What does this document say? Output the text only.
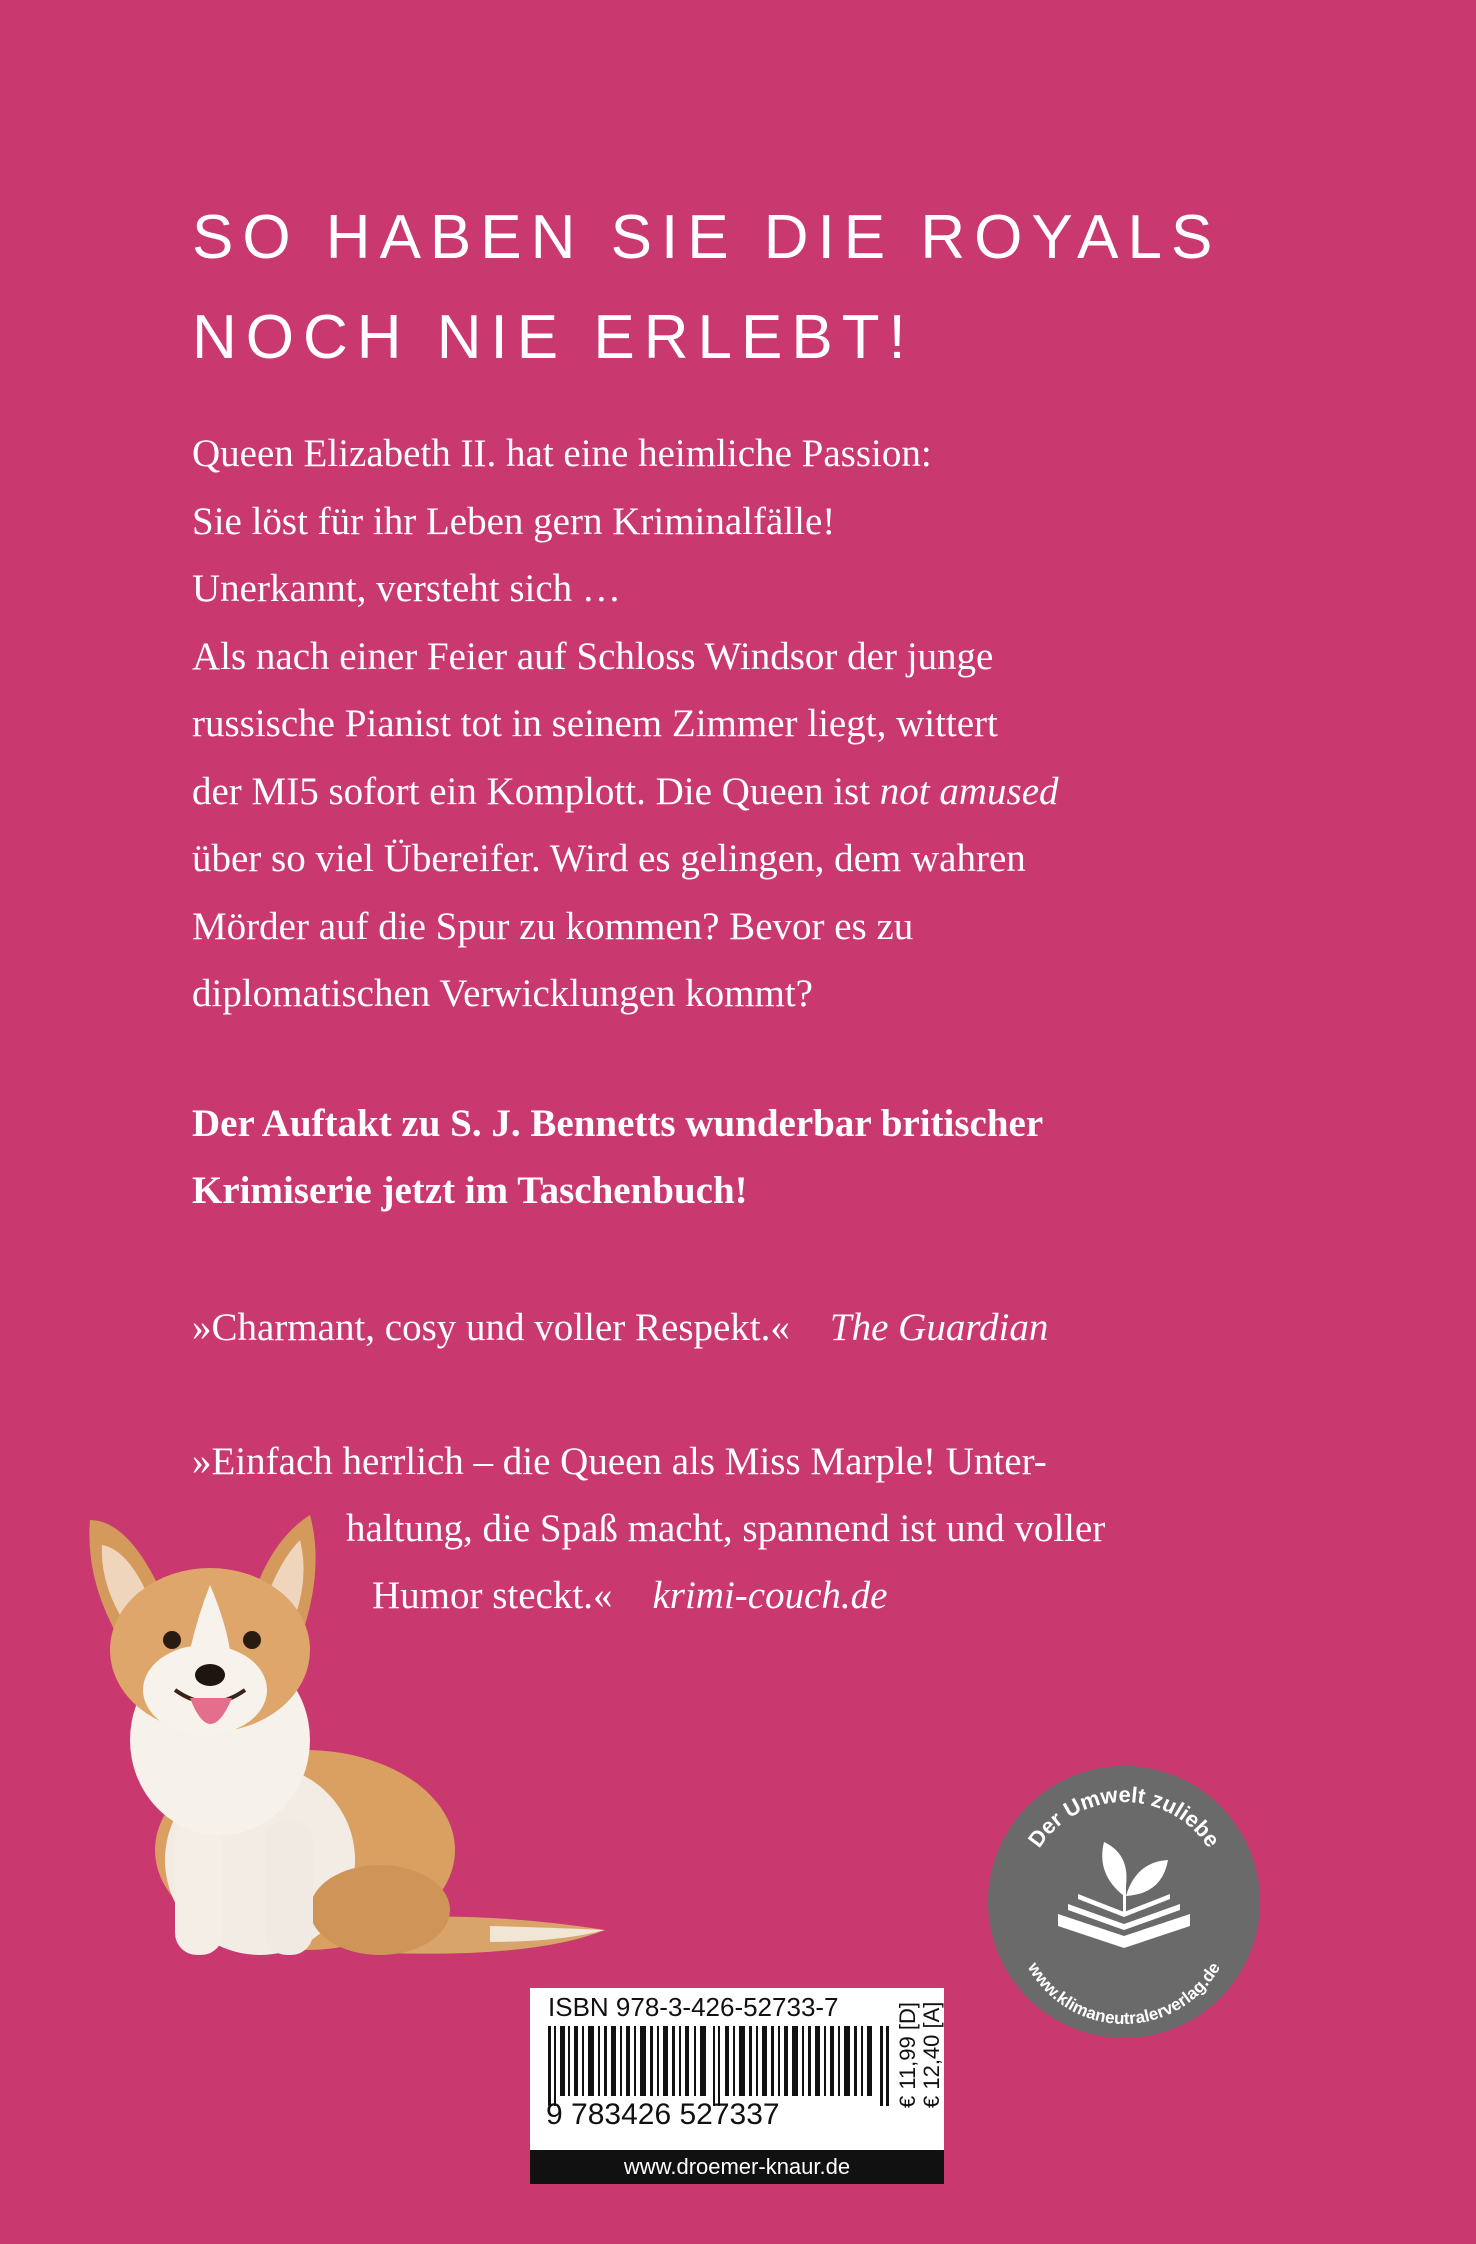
SO HABEN SIE DIE ROYALS
NOCH NIE ERLEBT!
Queen Elizabeth II. hat eine heimliche Passion:
Sie löst für ihr Leben gern Kriminalfälle!
Unerkannt, versteht sich …
Als nach einer Feier auf Schloss Windsor der junge
russische Pianist tot in seinem Zimmer liegt, wittert
der MI5 sofort ein Komplott. Die Queen ist not amused
über so viel Übereifer. Wird es gelingen, dem wahren
Mörder auf die Spur zu kommen? Bevor es zu
diplomatischen Verwicklungen kommt?
Der Auftakt zu S. J. Bennetts wunderbar britischer
Krimiserie jetzt im Taschenbuch!
»Charmant, cosy und voller Respekt.« The Guardian
»Einfach herrlich – die Queen als Miss Marple! Unter-
haltung, die Spaß macht, spannend ist und voller
Humor steckt.« krimi-couch.de
ISBN 978-3-426-52733-7
9 783426 527337
€ 11,99 [D] € 12,40 [A]
www.droemer-knaur.de
Der Umwelt zuliebe
www.klimaneutralerverlag.de
